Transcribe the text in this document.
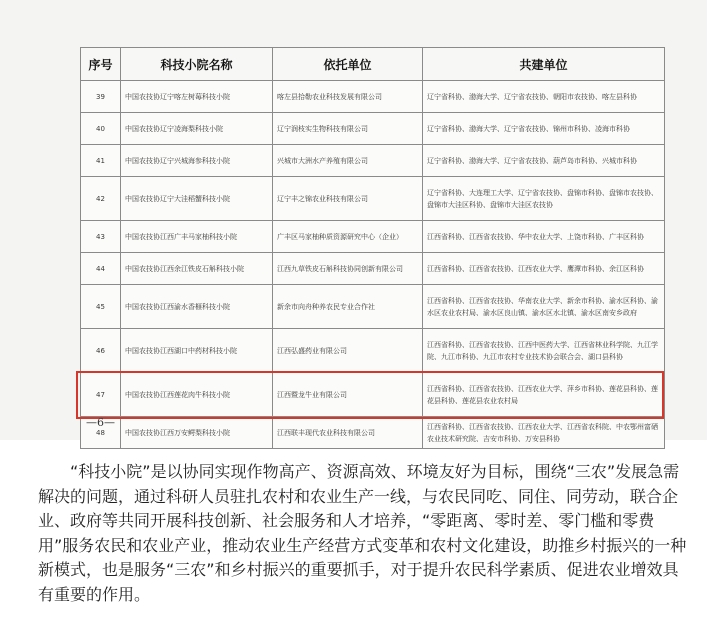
序号	科技小院名称	依托单位	共建单位
39	中国农技协辽宁喀左树莓科技小院	喀左县拾勒农业科技发展有限公司	辽宁省科协、渤海大学、辽宁省农技协、朝阳市农技协、喀左县科协
40	中国农技协辽宁凌海梨科技小院	辽宁润枝实生物科技有限公司	辽宁省科协、渤海大学、辽宁省农技协、锦州市科协、凌海市科协
41	中国农技协辽宁兴城海参科技小院	兴城市大洲水产养殖有限公司	辽宁省科协、渤海大学、辽宁省农技协、葫芦岛市科协、兴城市科协
42	中国农技协辽宁大洼稻蟹科技小院	辽宁丰之锦农业科技有限公司	辽宁省科协、大连理工大学、辽宁省农技协、盘锦市科协、盘锦市农技协、盘锦市大洼区科协、盘锦市大洼区农技协
43	中国农技协江西广丰马家柚科技小院	广丰区马家柚种质资源研究中心（企业）	江西省科协、江西省农技协、华中农业大学、上饶市科协、广丰区科协
44	中国农技协江西余江铁皮石斛科技小院	江西九草铁皮石斛科技协同创新有限公司	江西省科协、江西省农技协、江西农业大学、鹰潭市科协、余江区科协
45	中国农技协江西渝水香榧科技小院	新余市向舟种养农民专业合作社	江西省科协、江西省农技协、华南农业大学、新余市科协、渝水区科协、渝水区农业农村局、渝水区良山镇、渝水区水北镇、渝水区南安乡政府
46	中国农技协江西湖口中药材科技小院	江西弘盛药业有限公司	江西省科协、江西省农技协、江西中医药大学、江西省林业科学院、九江学院、九江市科协、九江市农村专业技术协会联合会、湖口县科协
47	中国农技协江西莲花肉牛科技小院	江西暨龙牛业有限公司	江西省科协、江西省农技协、江西农业大学、萍乡市科协、莲花县科协、莲花县科协、莲花县农业农村局
48	中国农技协江西万安鳄梨科技小院	江西联丰现代农业科技有限公司	江西省科协、江西省农技协、江西农业大学、江西省农科院、中农鄂州富硒农业技术研究院、吉安市科协、万安县科协
—6—

“科技小院”是以协同实现作物高产、资源高效、环境友好为目标，围绕“三农”发展急需解决的问题，通过科研人员驻扎农村和农业生产一线，与农民同吃、同住、同劳动，联合企业、政府等共同开展科技创新、社会服务和人才培养，“零距离、零时差、零门槛和零费用”服务农民和农业产业，推动农业生产经营方式变革和农村文化建设，助推乡村振兴的一种新模式，也是服务“三农”和乡村振兴的重要抓手，对于提升农民科学素质、促进农业增效具有重要的作用。
